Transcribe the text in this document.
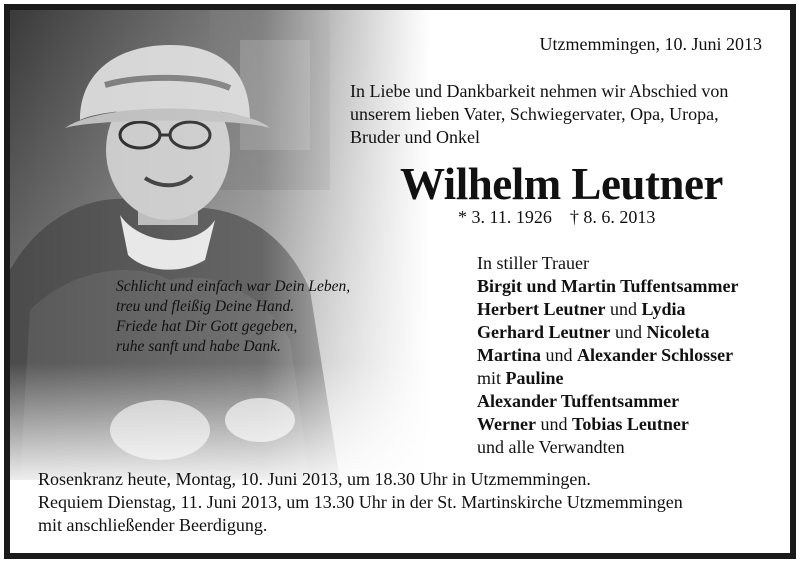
Utzmemmingen, 10. Juni 2013
In Liebe und Dankbarkeit nehmen wir Abschied von
unserem lieben Vater, Schwiegervater, Opa, Uropa,
Bruder und Onkel
Wilhelm Leutner
* 3. 11. 1926 † 8. 6. 2013
Schlicht und einfach war Dein Leben,
treu und fleißig Deine Hand.
Friede hat Dir Gott gegeben,
ruhe sanft und habe Dank.
In stiller Trauer
Birgit und Martin Tuffentsammer
Herbert Leutner und Lydia
Gerhard Leutner und Nicoleta
Martina und Alexander Schlosser
mit Pauline
Alexander Tuffentsammer
Werner und Tobias Leutner
und alle Verwandten
Rosenkranz heute, Montag, 10. Juni 2013, um 18.30 Uhr in Utzmemmingen.
Requiem Dienstag, 11. Juni 2013, um 13.30 Uhr in der St. Martinskirche Utzmemmingen
mit anschließender Beerdigung.
